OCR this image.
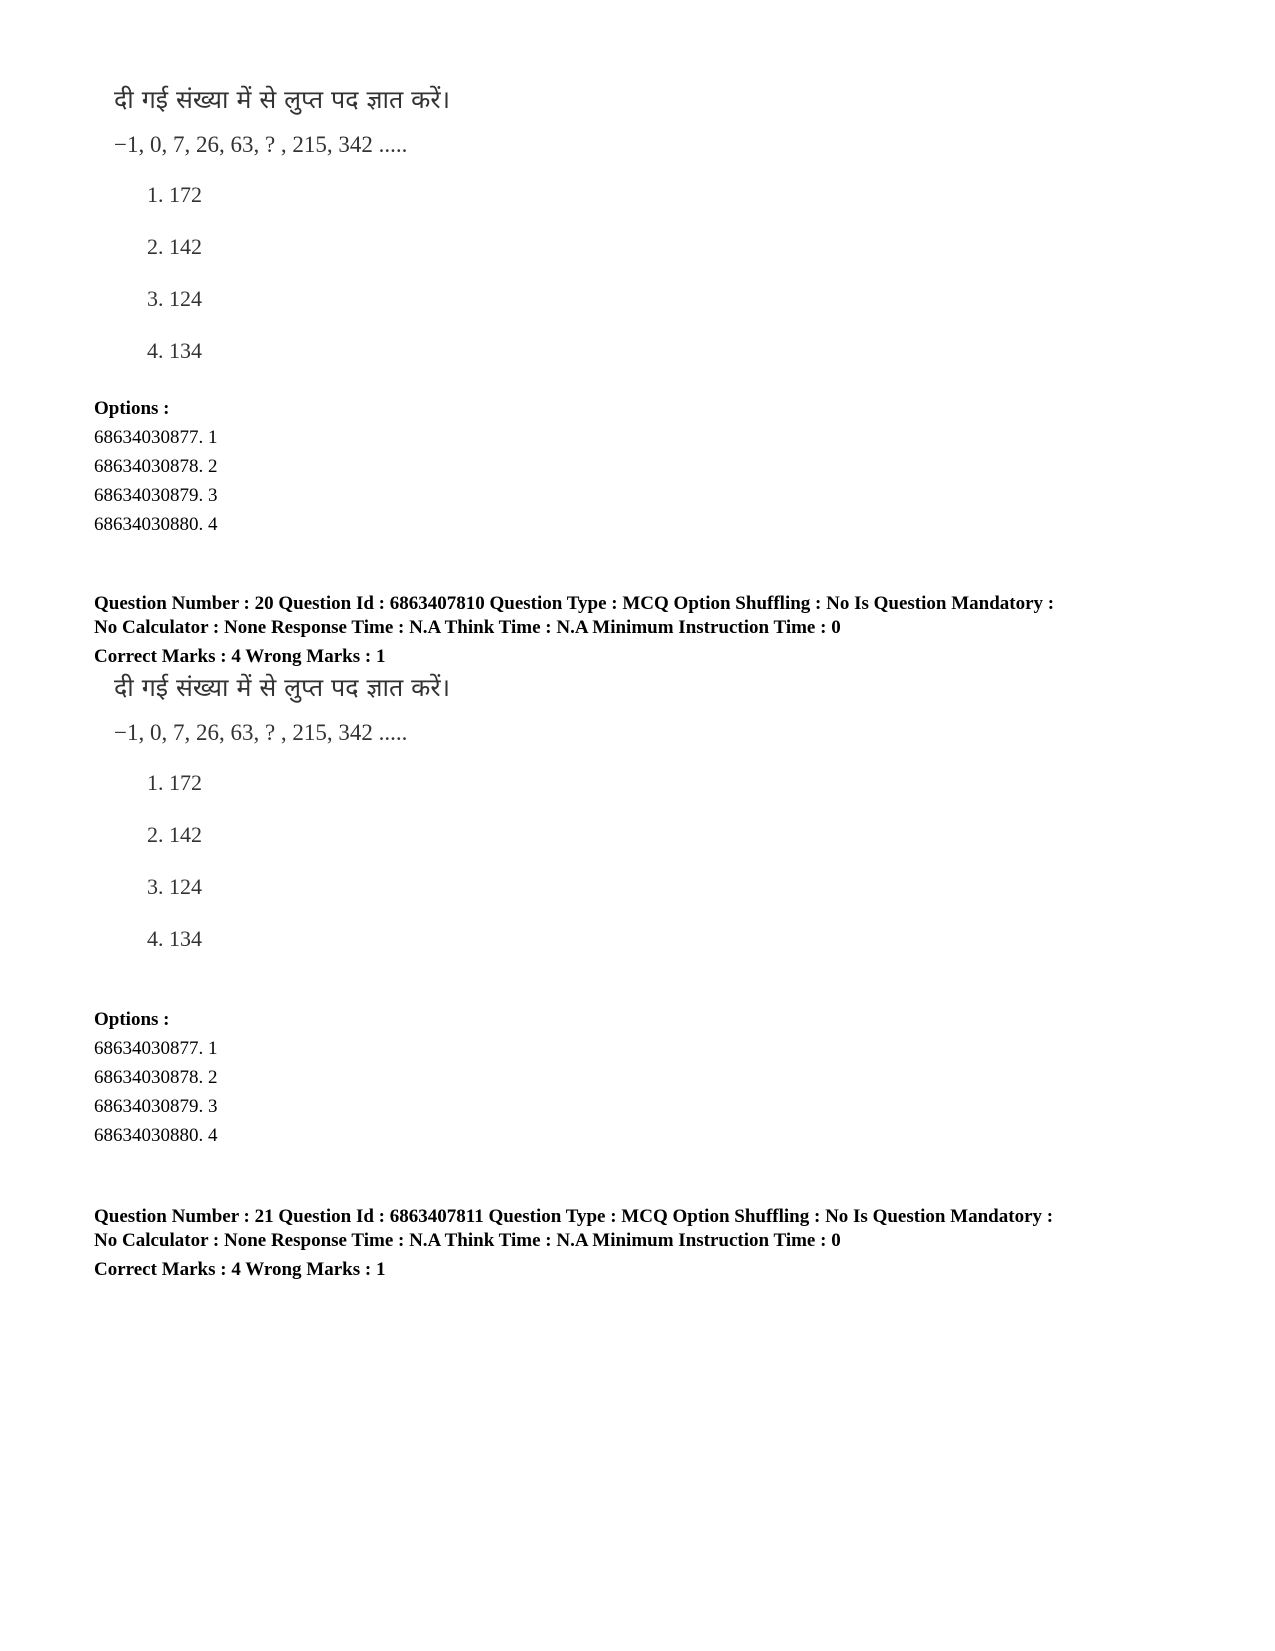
दी गई संख्या में से लुप्त पद ज्ञात करें।
−1, 0, 7, 26, 63, ? , 215, 342 .....
1. 172
2. 142
3. 124
4. 134
Options :
68634030877. 1
68634030878. 2
68634030879. 3
68634030880. 4
Question Number : 20 Question Id : 6863407810 Question Type : MCQ Option Shuffling : No Is Question Mandatory :
No Calculator : None Response Time : N.A Think Time : N.A Minimum Instruction Time : 0
Correct Marks : 4 Wrong Marks : 1
दी गई संख्या में से लुप्त पद ज्ञात करें।
−1, 0, 7, 26, 63, ? , 215, 342 .....
1. 172
2. 142
3. 124
4. 134
Options :
68634030877. 1
68634030878. 2
68634030879. 3
68634030880. 4
Question Number : 21 Question Id : 6863407811 Question Type : MCQ Option Shuffling : No Is Question Mandatory :
No Calculator : None Response Time : N.A Think Time : N.A Minimum Instruction Time : 0
Correct Marks : 4 Wrong Marks : 1
